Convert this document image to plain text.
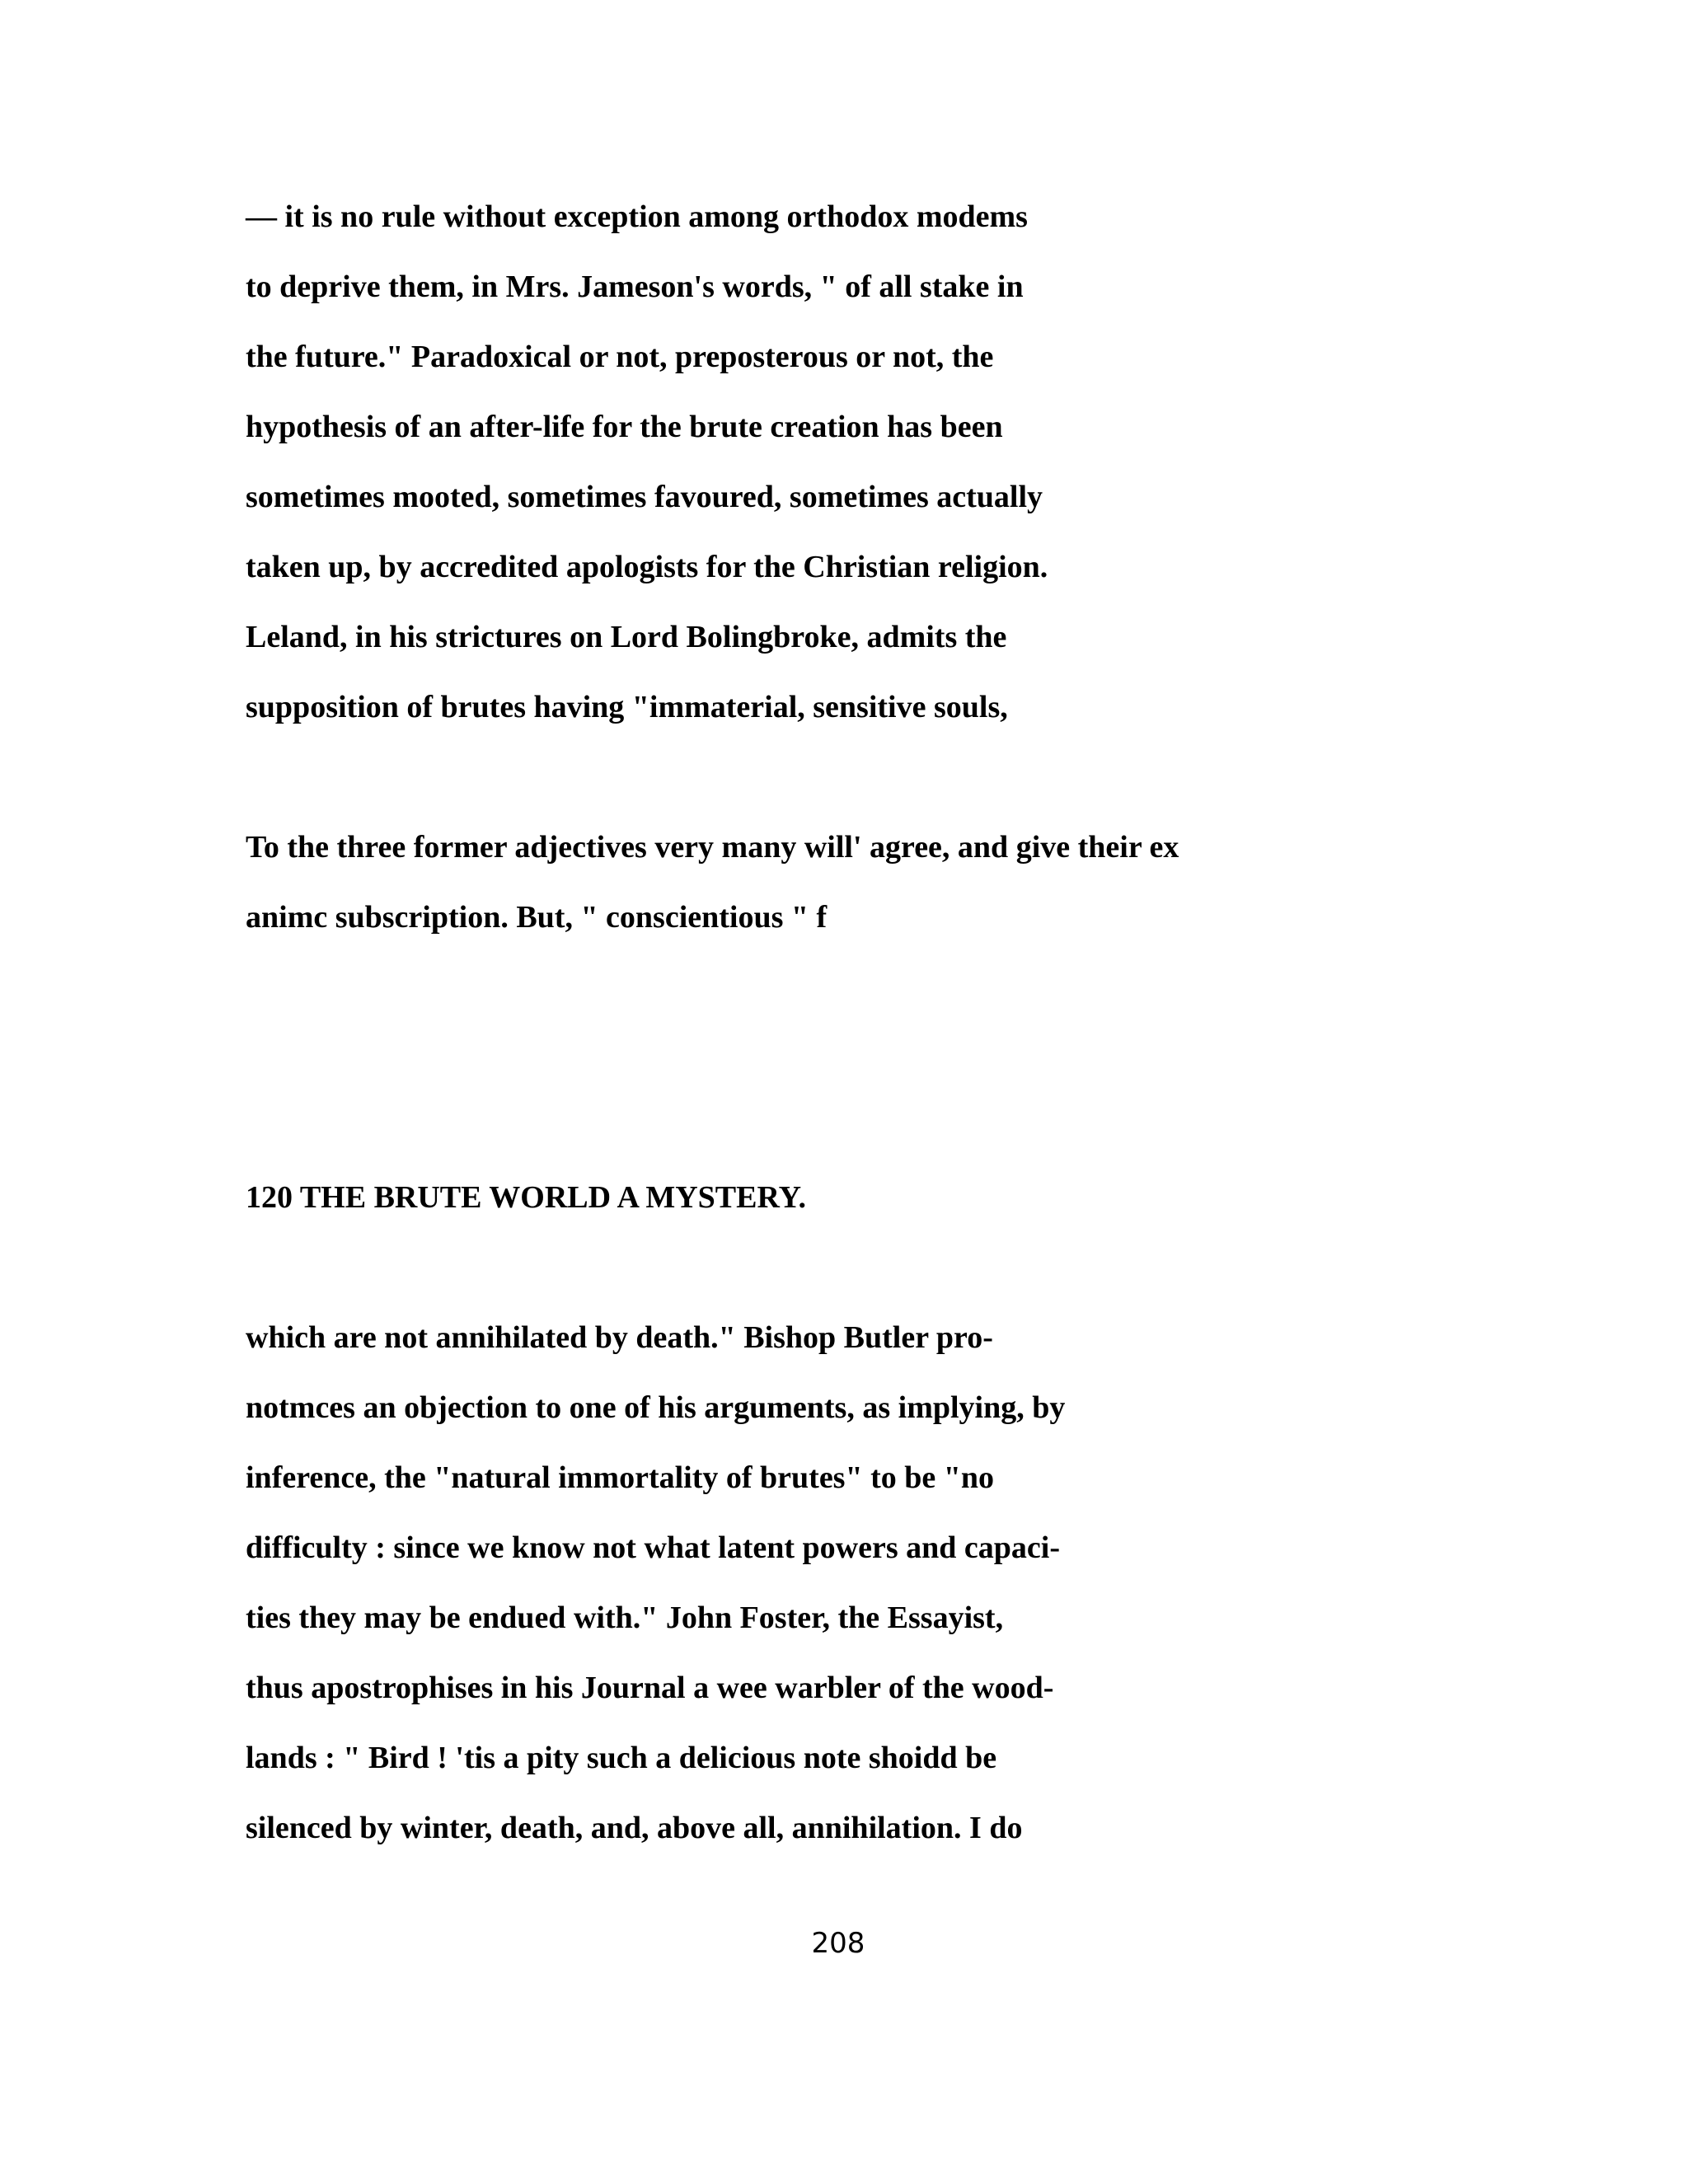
— it is no rule without exception among orthodox modems

to deprive them, in Mrs. Jameson's words, " of all stake in

the future." Paradoxical or not, preposterous or not, the

hypothesis of an after-life for the brute creation has been

sometimes mooted, sometimes favoured, sometimes actually

taken up, by accredited apologists for the Christian religion.

Leland, in his strictures on Lord Bolingbroke, admits the

supposition of brutes having "immaterial, sensitive souls,

To the three former adjectives very many will' agree, and give their ex

animc subscription. But, " conscientious " f

120 THE BRUTE WORLD A MYSTERY.

which are not annihilated by death." Bishop Butler pro-

notmces an objection to one of his arguments, as implying, by

inference, the "natural immortality of brutes" to be "no

difficulty : since we know not what latent powers and capaci-

ties they may be endued with." John Foster, the Essayist,

thus apostrophises in his Journal a wee warbler of the wood-

lands : " Bird ! 'tis a pity such a delicious note shoidd be

silenced by winter, death, and, above all, annihilation. I do

208
